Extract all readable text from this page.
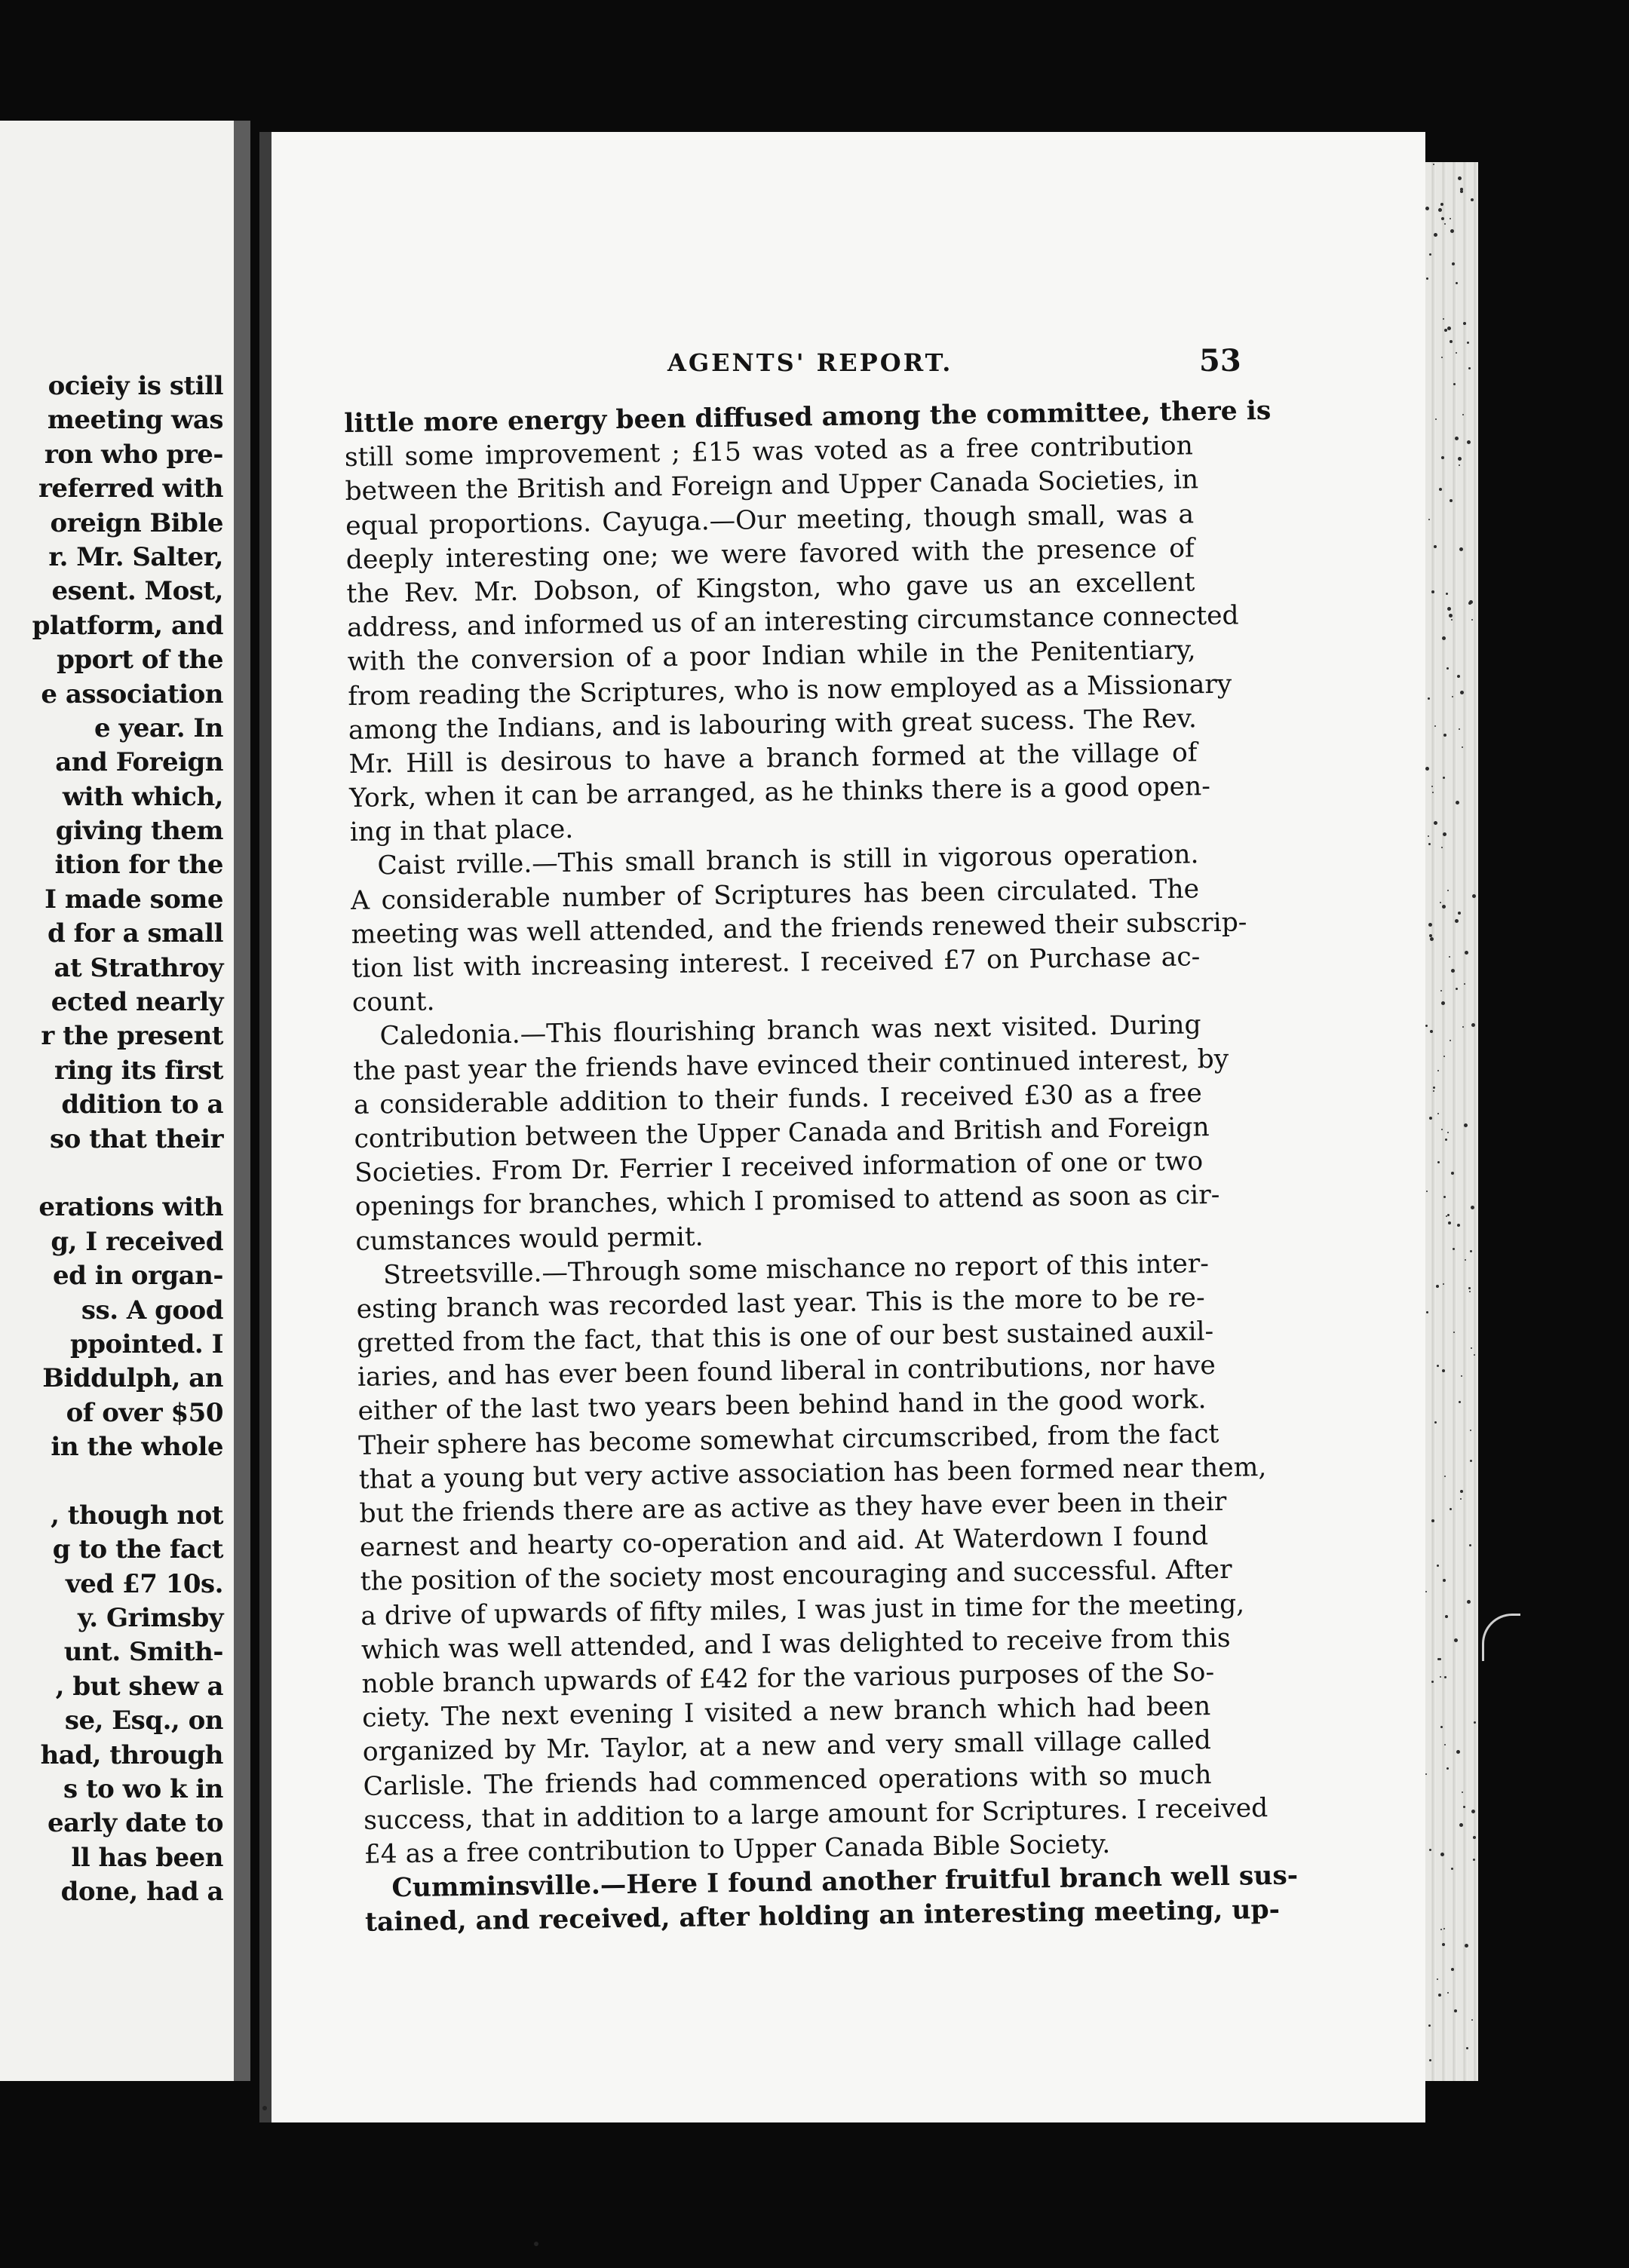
ocieiy is still
meeting was
ron who pre-
referred with
oreign Bible
r. Mr. Salter,
esent. Most,
platform, and
pport of the
e association
e year. In
and Foreign
with which,
giving them
ition for the
I made some
d for a small
at Strathroy
ected nearly
r the present
ring its first
ddition to a
so that their
erations with
g, I received
ed in organ-
ss. A good
ppointed. I
Biddulph, an
of over $50
in the whole
, though not
g to the fact
ved £7 10s.
y. Grimsby
unt. Smith-
, but shew a
se, Esq., on
had, through
s to wo k in
early date to
ll has been
done, had a
AGENTS' REPORT.	53
little more energy been diffused among the committee, there is
still some improvement ; £15 was voted as a free contribution
between the British and Foreign and Upper Canada Societies, in
equal proportions. Cayuga.—Our meeting, though small, was a
deeply interesting one; we were favored with the presence of
the Rev. Mr. Dobson, of Kingston, who gave us an excellent
address, and informed us of an interesting circumstance connected
with the conversion of a poor Indian while in the Penitentiary,
from reading the Scriptures, who is now employed as a Missionary
among the Indians, and is labouring with great sucess. The Rev.
Mr. Hill is desirous to have a branch formed at the village of
York, when it can be arranged, as he thinks there is a good open-
ing in that place.
Caist rville.—This small branch is still in vigorous operation.
A considerable number of Scriptures has been circulated. The
meeting was well attended, and the friends renewed their subscrip-
tion list with increasing interest. I received £7 on Purchase ac-
count.
Caledonia.—This flourishing branch was next visited. During
the past year the friends have evinced their continued interest, by
a considerable addition to their funds. I received £30 as a free
contribution between the Upper Canada and British and Foreign
Societies. From Dr. Ferrier I received information of one or two
openings for branches, which I promised to attend as soon as cir-
cumstances would permit.
Streetsville.—Through some mischance no report of this inter-
esting branch was recorded last year. This is the more to be re-
gretted from the fact, that this is one of our best sustained auxil-
iaries, and has ever been found liberal in contributions, nor have
either of the last two years been behind hand in the good work.
Their sphere has become somewhat circumscribed, from the fact
that a young but very active association has been formed near them,
but the friends there are as active as they have ever been in their
earnest and hearty co-operation and aid. At Waterdown I found
the position of the society most encouraging and successful. After
a drive of upwards of fifty miles, I was just in time for the meeting,
which was well attended, and I was delighted to receive from this
noble branch upwards of £42 for the various purposes of the So-
ciety. The next evening I visited a new branch which had been
organized by Mr. Taylor, at a new and very small village called
Carlisle. The friends had commenced operations with so much
success, that in addition to a large amount for Scriptures. I received
£4 as a free contribution to Upper Canada Bible Society.
Cumminsville.—Here I found another fruitful branch well sus-
tained, and received, after holding an interesting meeting, up-
